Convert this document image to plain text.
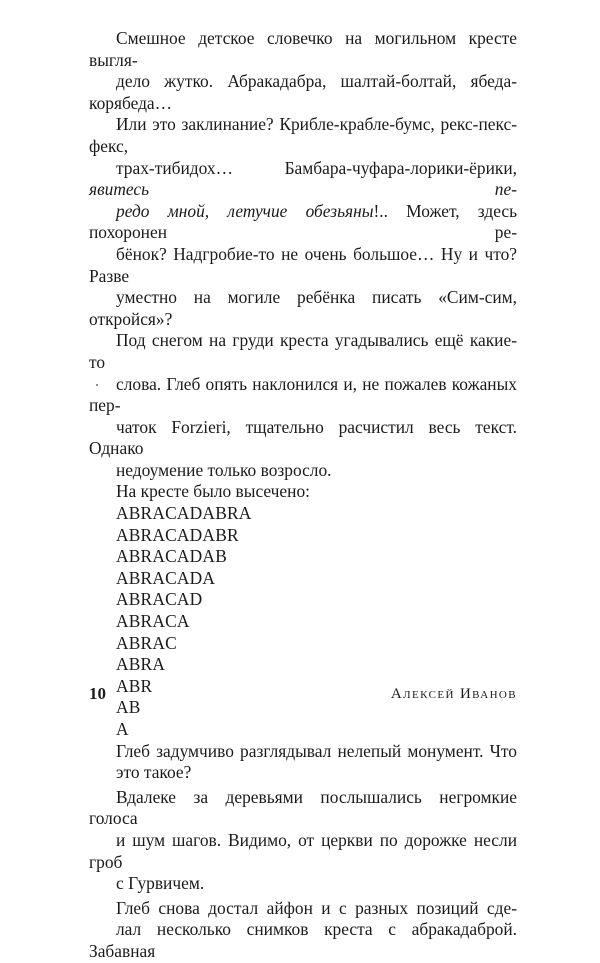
Смешное детское словечко на могильном кресте выгля-
дело жутко. Абракадабра, шалтай-болтай, ябеда-корябеда…
Или это заклинание? Крибле-крабле-бумс, рекс-пекс-фекс,
трах-тибидох… Бамбара-чуфара-лорики-ёрики, явитесь пе-
редо мной, летучие обезьяны!.. Может, здесь похоронен ре-
бёнок? Надгробие-то не очень большое… Ну и что? Разве
уместно на могиле ребёнка писать «Сим-сим, откройся»?

Под снегом на груди креста угадывались ещё какие-то
слова. Глеб опять наклонился и, не пожалев кожаных пер-
чаток Forzieri, тщательно расчистил весь текст. Однако
недоумение только возросло.

На кресте было высечено:

ABRACADABRA

ABRACADABR

ABRACADAB

ABRACADA

ABRACAD

ABRACA

ABRAC

ABRA

ABR

AB

A

Глеб задумчиво разглядывал нелепый монумент. Что
это такое?

Вдалеке за деревьями послышались негромкие голоса
и шум шагов. Видимо, от церкви по дорожке несли гроб
с Гурвичем.

Глеб снова достал айфон и с разных позиций сде-
лал несколько снимков креста с абракадаброй. Забавная

10	Алексей Иванов
